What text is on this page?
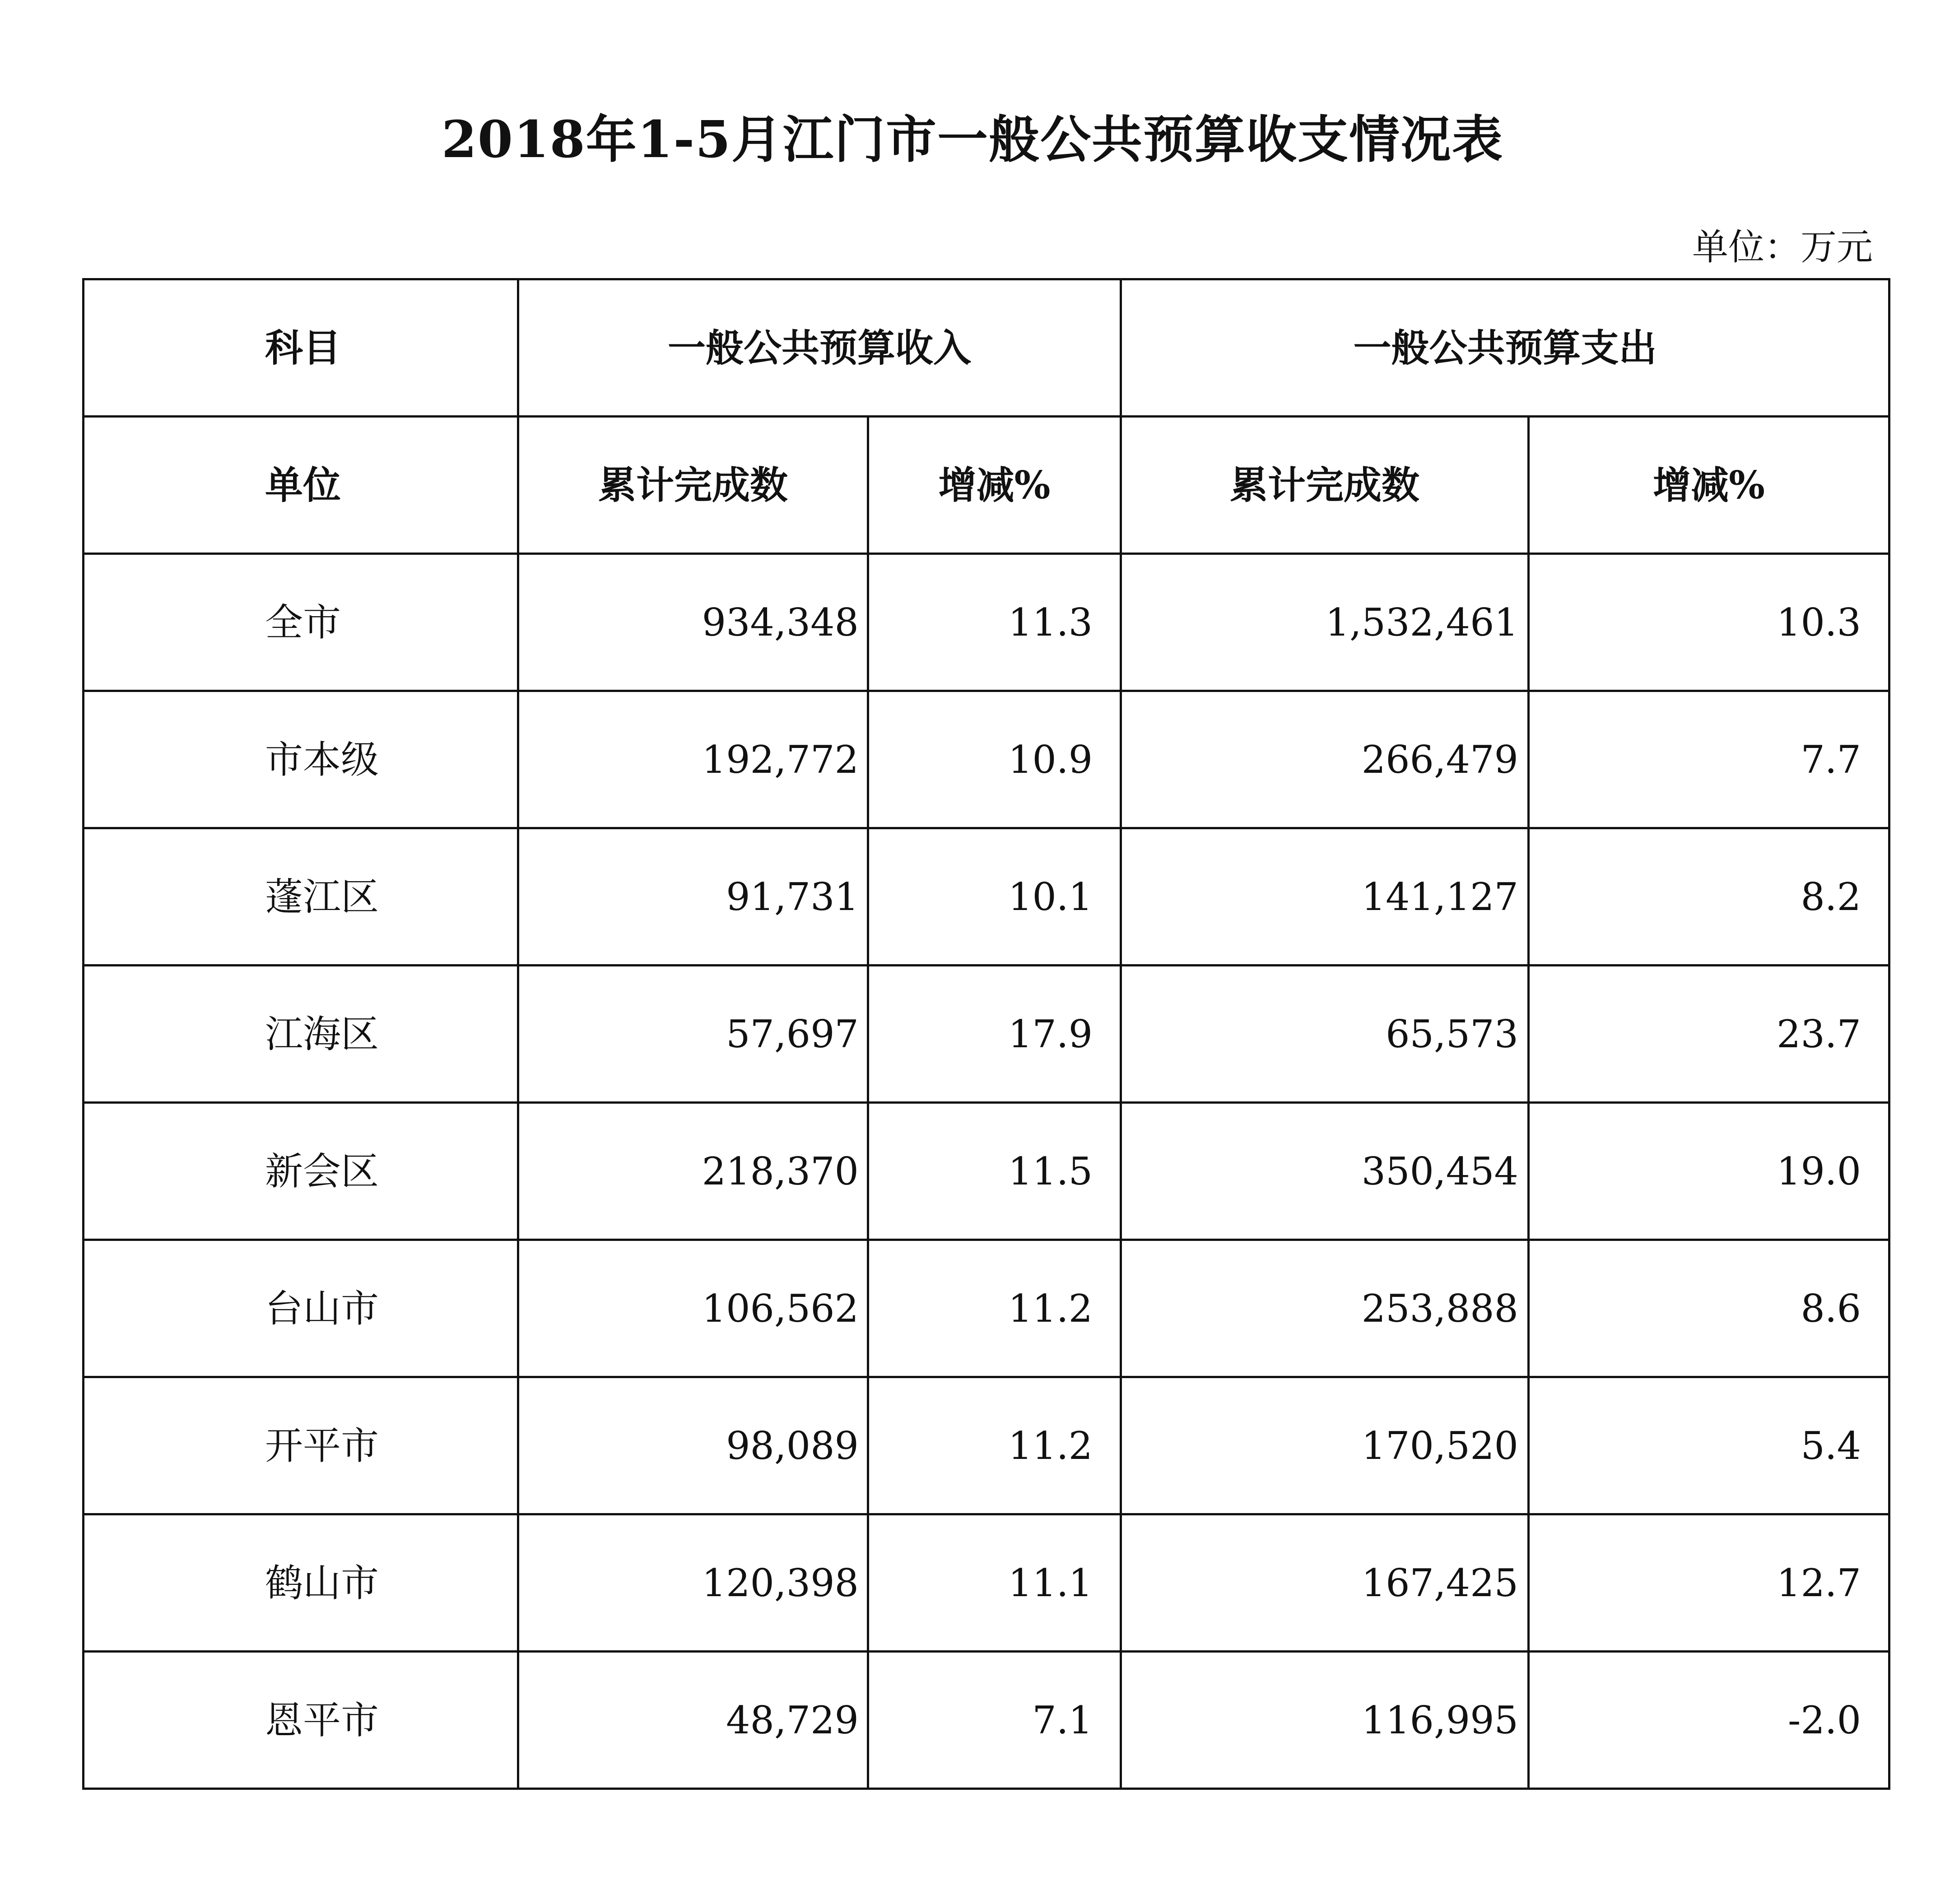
2018年1-5月江门市一般公共预算收支情况表
单位：万元
科目	一般公共预算收入		一般公共预算支出	
单位	累计完成数	增减%	累计完成数	增减%
全市	934,348	11.3	1,532,461	10.3
市本级	192,772	10.9	266,479	7.7
蓬江区	91,731	10.1	141,127	8.2
江海区	57,697	17.9	65,573	23.7
新会区	218,370	11.5	350,454	19.0
台山市	106,562	11.2	253,888	8.6
开平市	98,089	11.2	170,520	5.4
鹤山市	120,398	11.1	167,425	12.7
恩平市	48,729	7.1	116,995	-2.0
